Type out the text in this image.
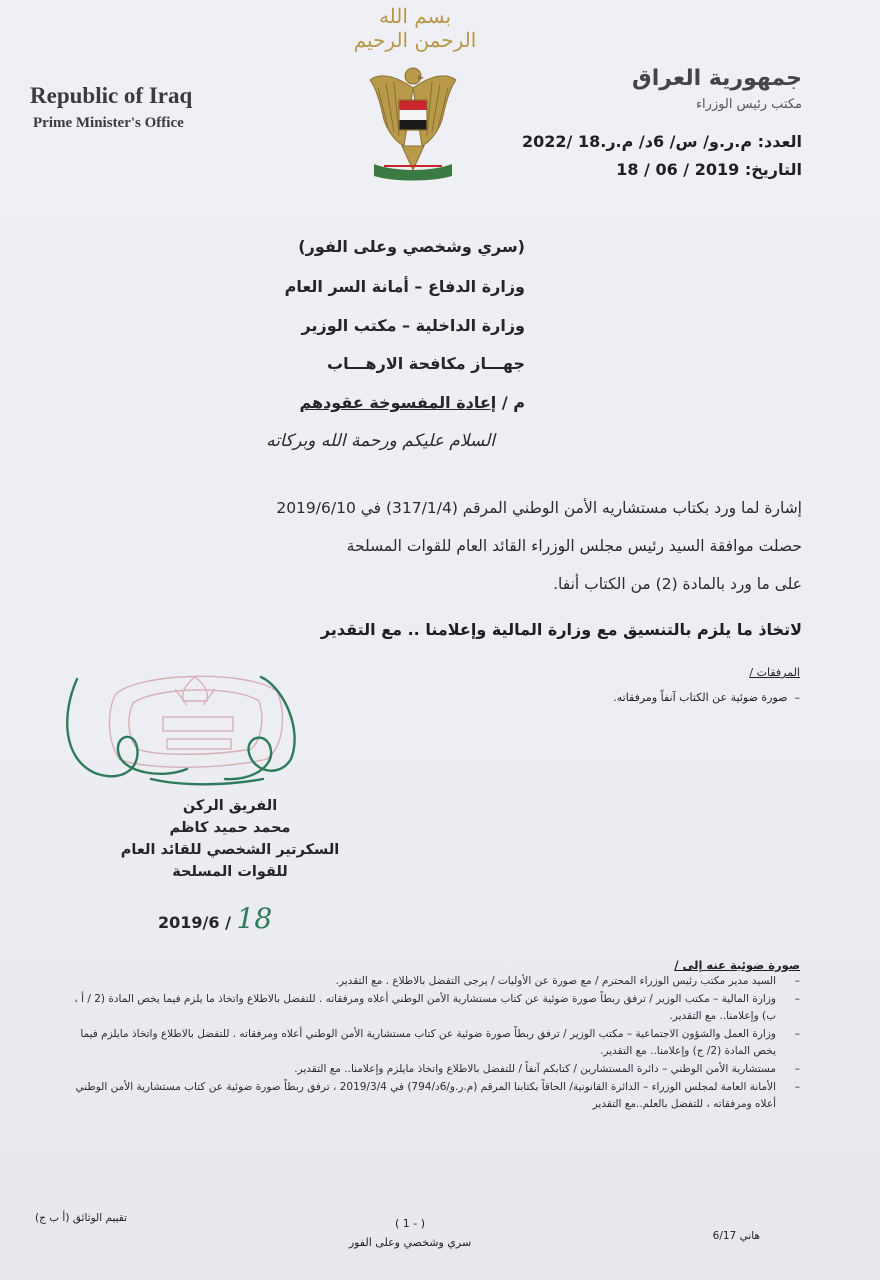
بسم الله الرحمن الرحيم
Republic of Iraq
Prime Minister's Office
جمهورية العراق
مكتب رئيس الوزراء
العدد: م.ر.و/ س/ 6د/ م.ر.18 /2022
التاريخ: 2019 / 06 / 18
(سري وشخصي وعلى الفور)
وزارة الدفاع – أمانة السر العام
وزارة الداخلية – مكتب الوزير
جهـــاز مكافحة الارهـــاب
م / إعادة المفسوخة عقودهم
السلام عليكم ورحمة الله وبركاته

إشارة لما ورد بكتاب مستشاريه الأمن الوطني المرقم (317/1/4) في 2019/6/10

حصلت موافقة السيد رئيس مجلس الوزراء القائد العام للقوات المسلحة

على ما ورد بالمادة (2) من الكتاب أنفا.

لاتخاذ ما يلزم بالتنسيق مع وزارة المالية وإعلامنا .. مع التقدير
المرفقات /
–  صورة ضوئية عن الكتاب آنفاً ومرفقاته.
الفريق الركن
محمد حميد كاظم
السكرتير الشخصي للقائد العام
للقوات المسلحة
2019/6 / 18
صورة ضوئية عنه إلى /
–
السيد مدير مكتب رئيس الوزراء المحترم / مع صورة عن الأوليات / يرجى التفضل بالاطلاع . مع التقدير.
–
وزارة المالية – مكتب الوزير / ترفق ربطاً صورة ضوئية عن كتاب مستشارية الأمن الوطني أعلاه ومرفقاته . للتفضل بالاطلاع واتخاذ ما يلزم فيما يخص المادة (2 / أ ، ب) وإعلامنا.. مع التقدير.
–
وزارة العمل والشؤون الاجتماعية – مكتب الوزير / ترفق ربطاً صورة ضوئية عن كتاب مستشارية الأمن الوطني أعلاه ومرفقاته . للتفضل بالاطلاع واتخاذ مايلزم فيما يخص المادة (2/ ج) وإعلامنا.. مع التقدير.
–
مستشارية الأمن الوطني – دائرة المستشارين / كتابكم آنفاً / للتفضل بالاطلاع واتخاذ مايلزم وإعلامنا.. مع التقدير.
–
الأمانة العامة لمجلس الوزراء – الدائرة القانونية/ الحاقاً بكتابنا المرقم (م.ر.و/6د/794) في 2019/3/4 ، ترفق ربطاً صورة ضوئية عن كتاب مستشارية الأمن الوطني أعلاه ومرفقاته ، للتفضل بالعلم..مع التقدير
تقييم الوثائق (أ ب ج)	( 1 - )
سري وشخصي وعلى الفور	هاني 6/17
